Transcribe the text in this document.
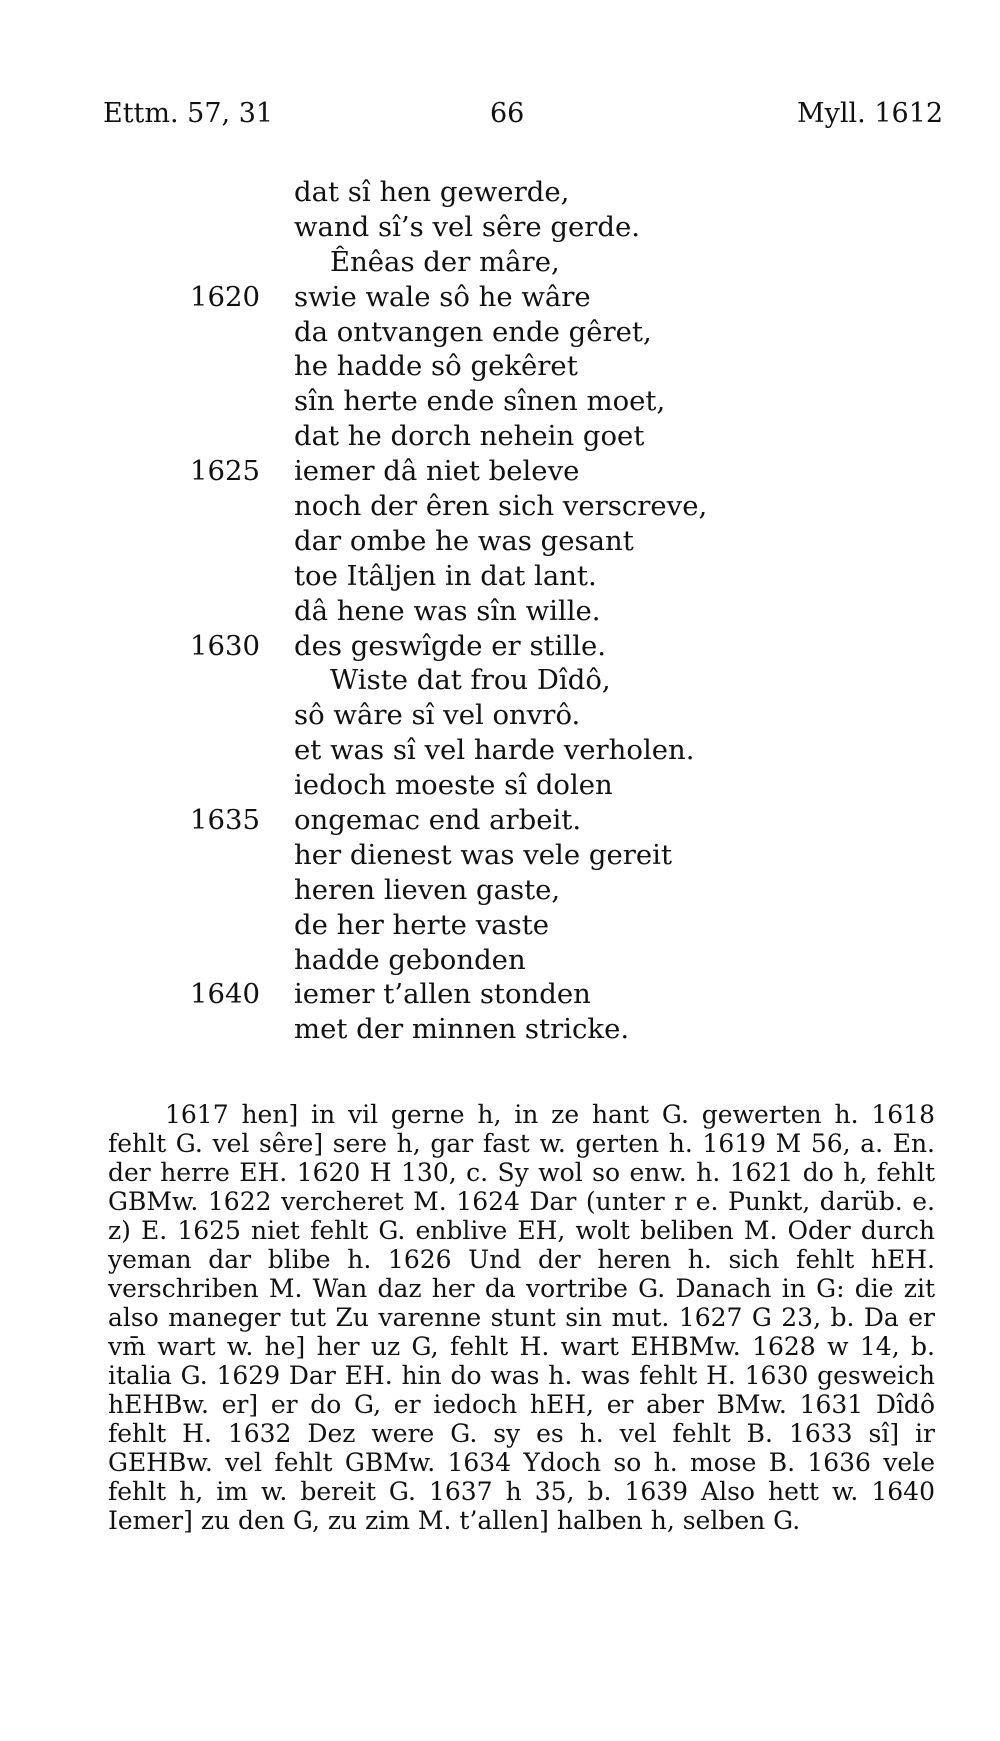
Ettm. 57, 31	66	Myll. 1612
dat sî hen gewerde,
wand sî’s vel sêre gerde.
Ênêas der mâre,
1620 swie wale sô he wâre
da ontvangen ende gêret,
he hadde sô gekêret
sîn herte ende sînen moet,
dat he dorch nehein goet
1625 iemer dâ niet beleve
noch der êren sich verscreve,
dar ombe he was gesant
toe Itâljen in dat lant.
dâ hene was sîn wille.
1630 des geswîgde er stille.
Wiste dat frou Dîdô,
sô wâre sî vel onvrô.
et was sî vel harde verholen.
iedoch moeste sî dolen
1635 ongemac end arbeit.
her dienest was vele gereit
heren lieven gaste,
de her herte vaste
hadde gebonden
1640 iemer t’allen stonden
met der minnen stricke.

1617 hen] in vil gerne h, in ze hant G. gewerten h. 1618 fehlt G. vel sêre] sere h, gar fast w. gerten h. 1619 M 56, a. En. der herre EH. 1620 H 130, c. Sy wol so enw. h. 1621 do h, fehlt GBMw. 1622 vercheret M. 1624 Dar (unter r e. Punkt, darüb. e. z) E. 1625 niet fehlt G. enblive EH, wolt beliben M. Oder durch yeman dar blibe h. 1626 Und der heren h. sich fehlt hEH. verschriben M. Wan daz her da vortribe G. Danach in G: die zit also maneger tut Zu varenne stunt sin mut. 1627 G 23, b. Da er vm̄ wart w. he] her uz G, fehlt H. wart EHBMw. 1628 w 14, b. italia G. 1629 Dar EH. hin do was h. was fehlt H. 1630 gesweich hEHBw. er] er do G, er iedoch hEH, er aber BMw. 1631 Dîdô fehlt H. 1632 Dez were G. sy es h. vel fehlt B. 1633 sî] ir GEHBw. vel fehlt GBMw. 1634 Ydoch so h. mose B. 1636 vele fehlt h, im w. bereit G. 1637 h 35, b. 1639 Also hett w. 1640 Iemer] zu den G, zu zim M. t’allen] halben h, selben G.
